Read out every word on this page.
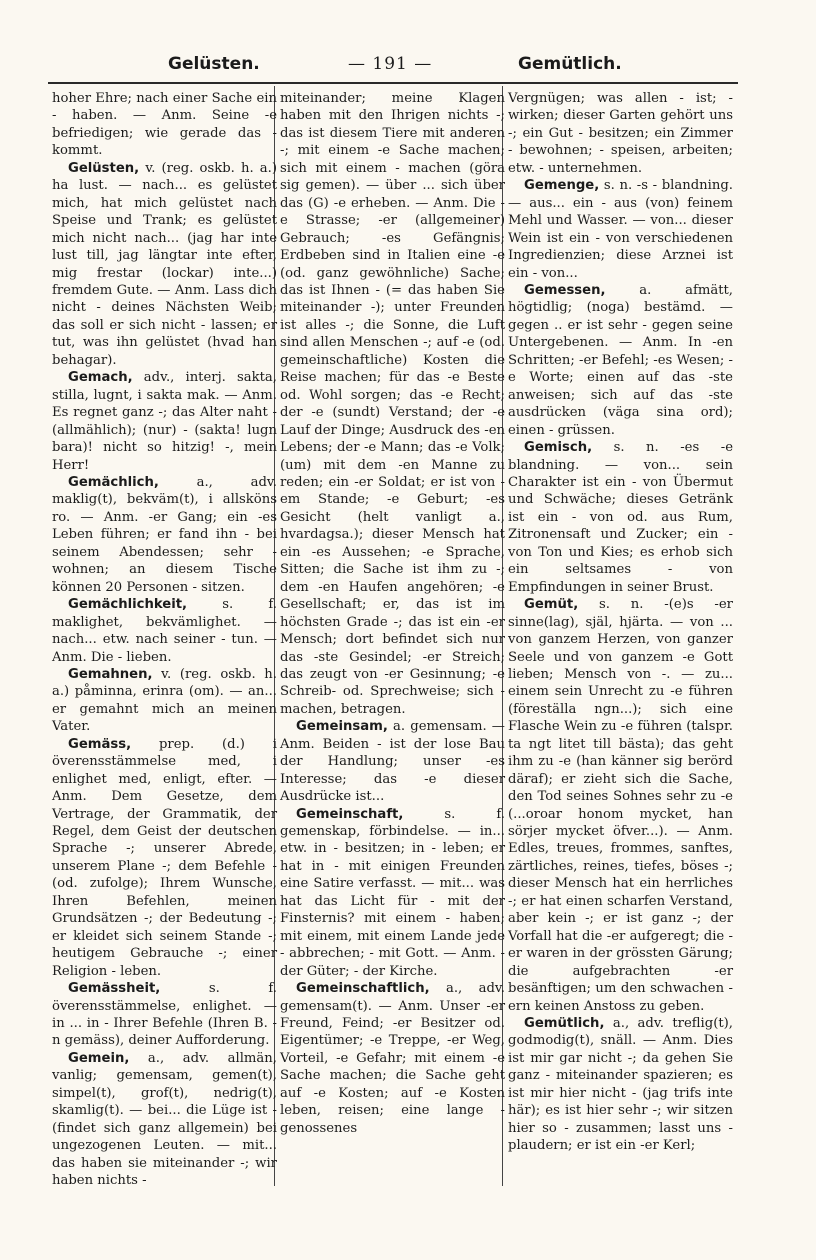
Gelüsten.	— 191 —	Gemütlich.

hoher Ehre; nach einer Sache ein - haben. — Anm. Seine -e befriedigen; wie gerade das - kommt.

Gelüsten, v. (reg. oskb. h. a.) ha lust. — nach... es gelüstet mich, hat mich gelüstet nach Speise und Trank; es gelüstet mich nicht nach... (jag har inte lust till, jag längtar inte efter, mig frestar (lockar) inte...) fremdem Gute. — Anm. Lass dich nicht - deines Nächsten Weib; das soll er sich nicht - lassen; er tut, was ihn gelüstet (hvad han behagar).

Gemach, adv., interj. sakta, stilla, lugnt, i sakta mak. — Anm. Es regnet ganz -; das Alter naht - (allmählich); (nur) - (sakta! lugn bara)! nicht so hitzig! -, mein Herr!

Gemächlich,	a., adv. maklig(t), bekväm(t), i allsköns ro. — Anm. -er Gang; ein -es Leben führen; er fand ihn - bei seinem Abendessen; sehr - wohnen; an diesem Tische können 20 Personen - sitzen.

Gemächlichkeit,	s. f. maklighet, bekvämlighet. — nach... etw. nach seiner - tun. — Anm. Die - lieben.

Gemahnen, v. (reg. oskb. h. a.) påminna, erinra (om). — an... er gemahnt mich an meinen Vater.

Gemäss, prep. (d.) i överensstämmelse med, i enlighet med, enligt, efter. — Anm. Dem Gesetze, dem Vertrage, der Grammatik, der Regel, dem Geist der deutschen Sprache -; unserer Abrede, unserem Plane -; dem Befehle - (od. zufolge); Ihrem Wunsche, Ihren Befehlen, meinen Grundsätzen -; der Bedeutung -; er kleidet sich seinem Stande -; heutigem Gebrauche -; einer Religion - leben.

Gemässheit,	s. f. överensstämmelse, enlighet. — in ... in - Ihrer Befehle (Ihren B. -n gemäss), deiner Aufforderung.

Gemein, a., adv. allmän, vanlig; gemensam, gemen(t), simpel(t), grof(t), nedrig(t), skamlig(t). — bei... die Lüge ist - (findet sich ganz allgemein) bei ungezogenen Leuten. — mit... das haben sie miteinander -; wir haben nichts -

miteinander; meine Klagen haben mit den Ihrigen nichts -; das ist diesem Tiere mit anderen -; mit einem -e Sache machen; sich mit einem - machen (göra sig gemen). — über ... sich über das (G) -e erheben. — Anm. Die -e Strasse; -er (allgemeiner) Gebrauch; -es Gefängnis; Erdbeben sind in Italien eine -e (od. ganz gewöhnliche) Sache; das ist Ihnen - (= das haben Sie miteinander -); unter Freunden ist alles -; die Sonne, die Luft sind allen Menschen -; auf -e (od. gemeinschaftliche) Kosten die Reise machen; für das -e Beste od. Wohl sorgen; das -e Recht; der -e (sundt) Verstand; der -e Lauf der Dinge; Ausdruck des -en Lebens; der -e Mann; das -e Volk; (um) mit dem -en Manne zu reden; ein -er Soldat; er ist von -em Stande; -e Geburt; -es Gesicht (helt vanligt a., hvardagsa.); dieser Mensch hat ein -es Aussehen; -e Sprache, Sitten; die Sache ist ihm zu -; dem -en Haufen angehören; -e Gesellschaft; er, das ist im höchsten Grade -; das ist ein -er Mensch; dort befindet sich nur das -ste Gesindel; -er Streich; das zeugt von -er Gesinnung; -e Schreib- od. Sprechweise; sich - machen, betragen.

Gemeinsam, a. gemensam. — Anm. Beiden - ist der lose Bau der Handlung; unser -es Interesse; das -e dieser Ausdrücke ist...

Gemeinschaft,	s. f. gemenskap, förbindelse. — in... etw. in - besitzen; in - leben; er hat in - mit einigen Freunden eine Satire verfasst. — mit... was hat das Licht für - mit der Finsternis? mit einem - haben; mit einem, mit einem Lande jede - abbrechen; - mit Gott. — Anm. - der Güter; - der Kirche.

Gemeinschaftlich, a., adv. gemensam(t). — Anm. Unser -er Freund, Feind; -er Besitzer od. Eigentümer; -e Treppe, -er Weg, Vorteil, -e Gefahr; mit einem -e Sache machen; die Sache geht auf -e Kosten; auf -e Kosten leben, reisen; eine lange - genossenes

Vergnügen; was allen - ist; - wirken; dieser Garten gehört uns -; ein Gut - besitzen; ein Zimmer - bewohnen; - speisen, arbeiten; etw. - unternehmen.

Gemenge, s. n. -s - blandning. — aus... ein - aus (von) feinem Mehl und Wasser. — von... dieser Wein ist ein - von verschiedenen Ingredienzien; diese Arznei ist ein - von...

Gemessen,	a. afmätt, högtidlig; (noga) bestämd. — gegen .. er ist sehr - gegen seine Untergebenen. — Anm. In -en Schritten; -er Befehl; -es Wesen; -e Worte; einen auf das -ste anweisen; sich auf das -ste ausdrücken (väga sina ord); einen - grüssen.

Gemisch, s. n. -es -e blandning. — von... sein Charakter ist ein - von Übermut und Schwäche; dieses Getränk ist ein - von od. aus Rum, Zitronensaft und Zucker; ein - von Ton und Kies; es erhob sich ein seltsames - von Empfindungen in seiner Brust.

Gemüt, s. n. -(e)s -er sinne(lag), själ, hjärta. — von ... von ganzem Herzen, von ganzer Seele und von ganzem -e Gott lieben; Mensch von -. — zu... einem sein Unrecht zu -e führen (föreställa ngn...); sich eine Flasche Wein zu -e führen (talspr. ta ngt litet till bästa); das geht ihm zu -e (han känner sig berörd däraf); er zieht sich die Sache, den Tod seines Sohnes sehr zu -e (...oroar honom mycket, han sörjer mycket öfver...). — Anm. Edles, treues, frommes, sanftes, zärtliches, reines, tiefes, böses -; dieser Mensch hat ein herrliches -; er hat einen scharfen Verstand, aber kein -; er ist ganz -; der Vorfall hat die -er aufgeregt; die -er waren in der grössten Gärung; die aufgebrachten -er besänftigen; um den schwachen -ern keinen Anstoss zu geben.

Gemütlich, a., adv. treflig(t), godmodig(t), snäll. — Anm. Dies ist mir gar nicht -; da gehen Sie ganz - miteinander spazieren; es ist mir hier nicht - (jag trifs inte här); es ist hier sehr -; wir sitzen hier so - zusammen; lasst uns - plaudern; er ist ein -er Kerl;
